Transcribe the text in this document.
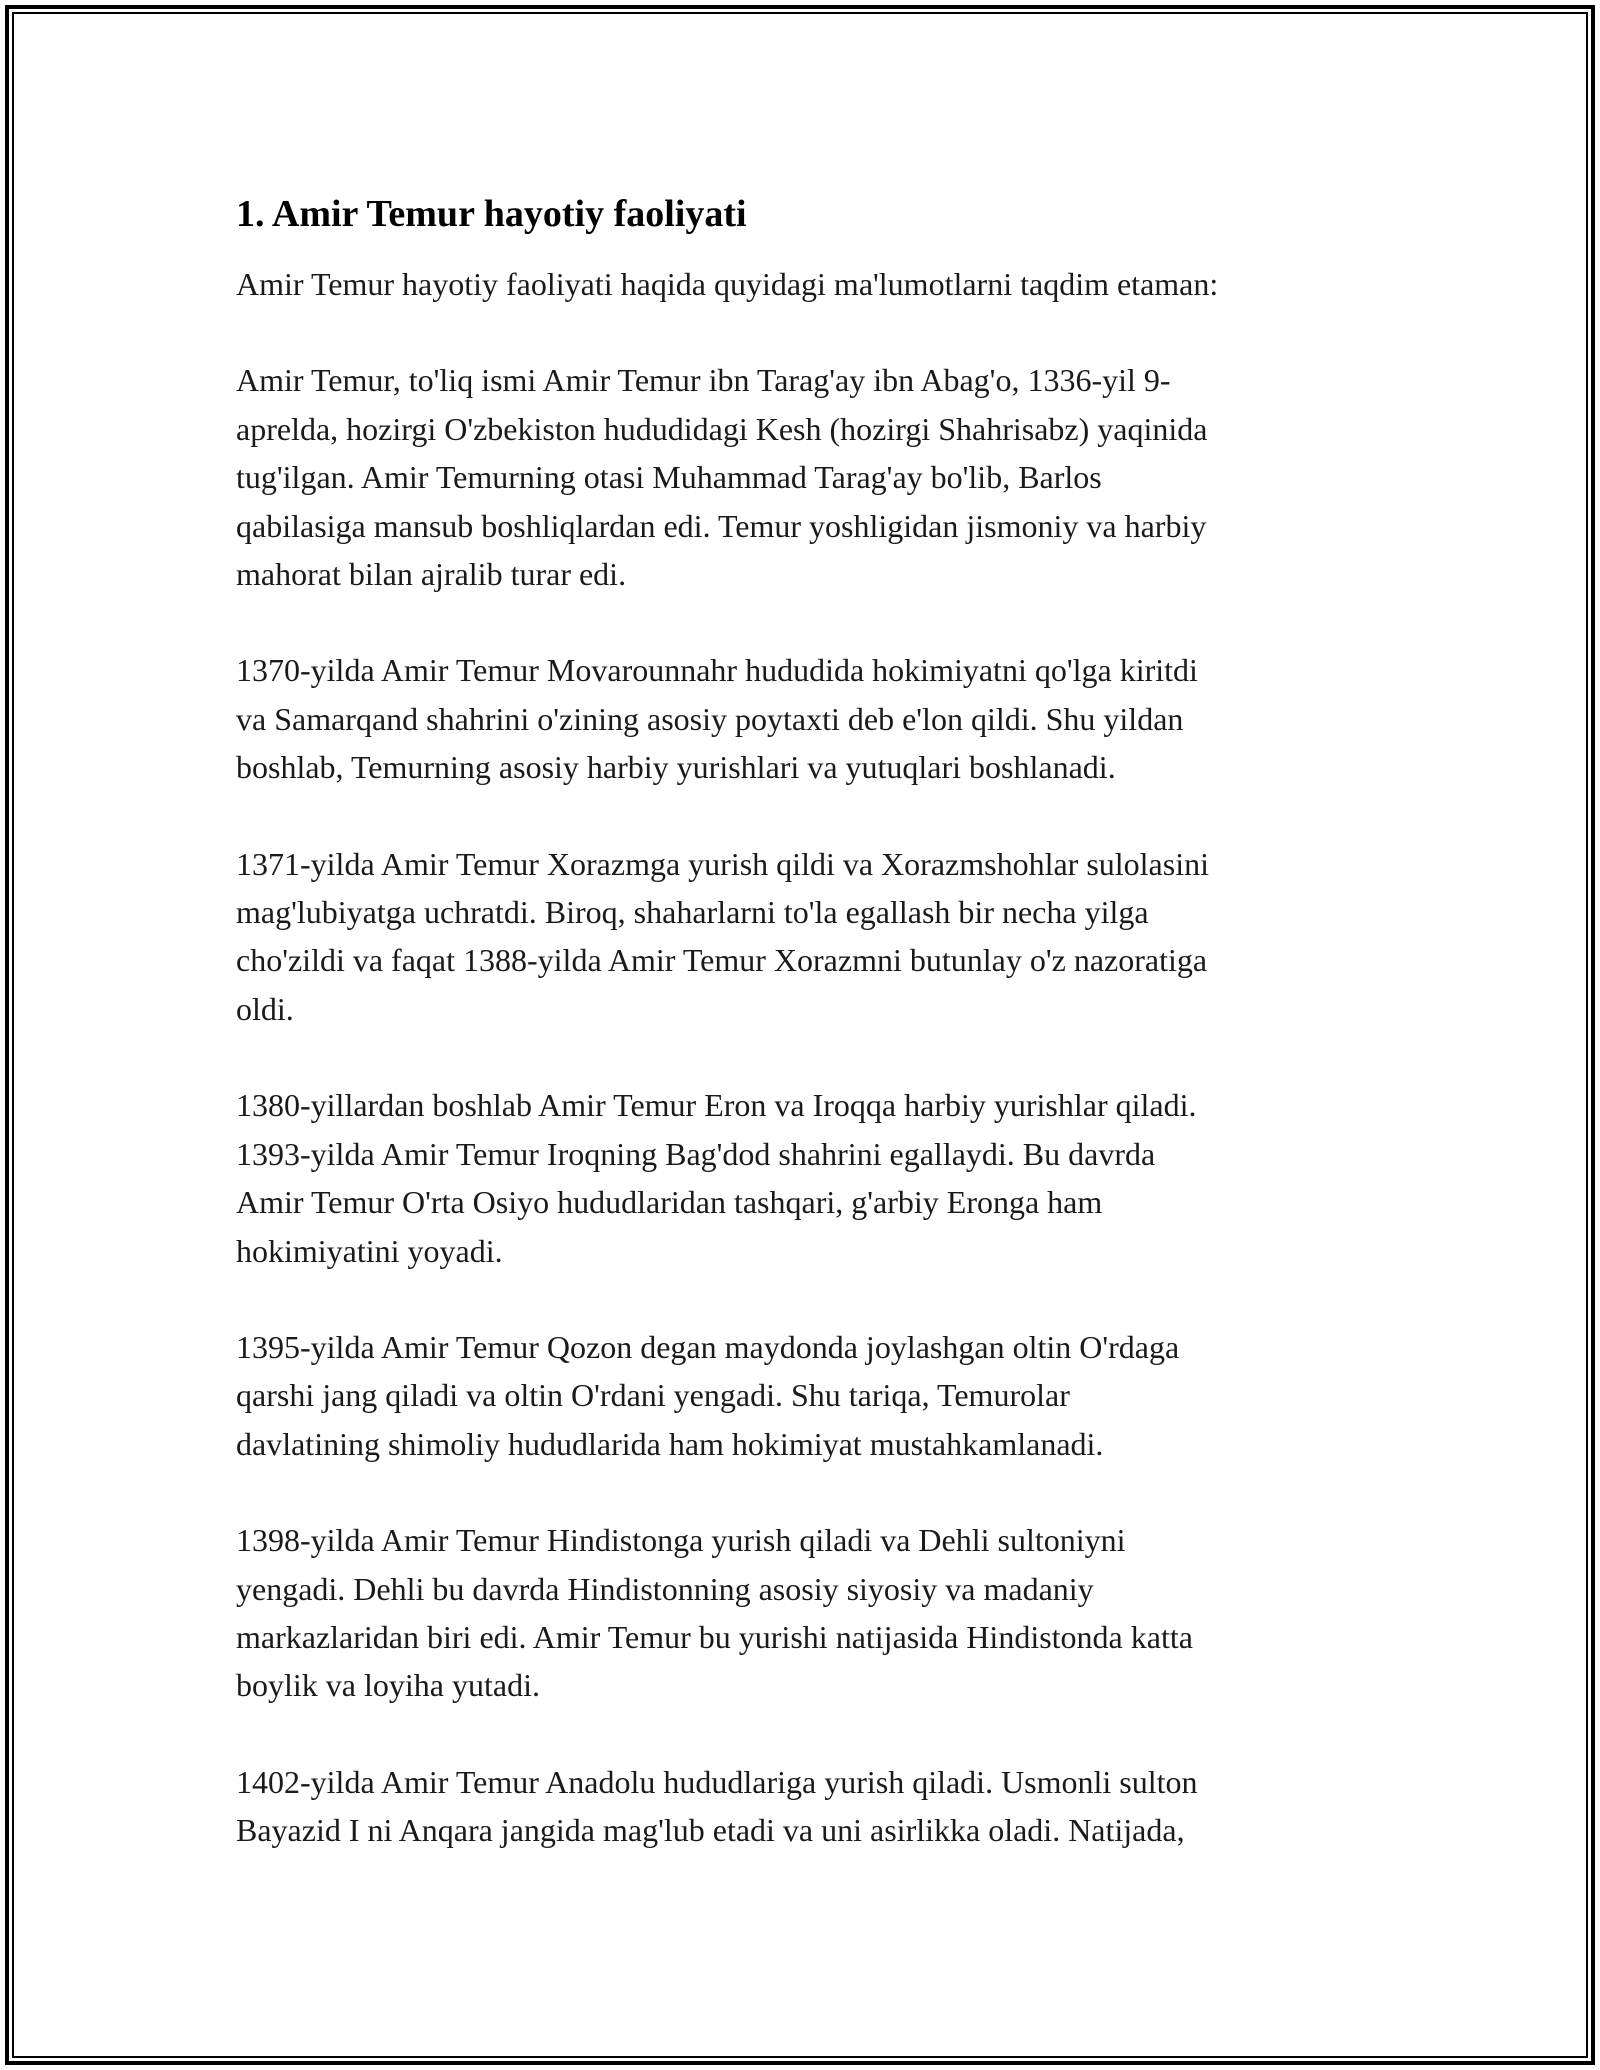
1. Amir Temur hayotiy faoliyati

Amir Temur hayotiy faoliyati haqida quyidagi ma'lumotlarni taqdim etaman:

Amir Temur, to'liq ismi Amir Temur ibn Tarag'ay ibn Abag'o, 1336-yil 9-
aprelda, hozirgi O'zbekiston hududidagi Kesh (hozirgi Shahrisabz) yaqinida
tug'ilgan. Amir Temurning otasi Muhammad Tarag'ay bo'lib, Barlos
qabilasiga mansub boshliqlardan edi. Temur yoshligidan jismoniy va harbiy
mahorat bilan ajralib turar edi.

1370-yilda Amir Temur Movarounnahr hududida hokimiyatni qo'lga kiritdi
va Samarqand shahrini o'zining asosiy poytaxti deb e'lon qildi. Shu yildan
boshlab, Temurning asosiy harbiy yurishlari va yutuqlari boshlanadi.

1371-yilda Amir Temur Xorazmga yurish qildi va Xorazmshohlar sulolasini
mag'lubiyatga uchratdi. Biroq, shaharlarni to'la egallash bir necha yilga
cho'zildi va faqat 1388-yilda Amir Temur Xorazmni butunlay o'z nazoratiga
oldi.

1380-yillardan boshlab Amir Temur Eron va Iroqqa harbiy yurishlar qiladi.
1393-yilda Amir Temur Iroqning Bag'dod shahrini egallaydi. Bu davrda
Amir Temur O'rta Osiyo hududlaridan tashqari, g'arbiy Eronga ham
hokimiyatini yoyadi.

1395-yilda Amir Temur Qozon degan maydonda joylashgan oltin O'rdaga
qarshi jang qiladi va oltin O'rdani yengadi. Shu tariqa, Temurolar
davlatining shimoliy hududlarida ham hokimiyat mustahkamlanadi.

1398-yilda Amir Temur Hindistonga yurish qiladi va Dehli sultoniyni
yengadi. Dehli bu davrda Hindistonning asosiy siyosiy va madaniy
markazlaridan biri edi. Amir Temur bu yurishi natijasida Hindistonda katta
boylik va loyiha yutadi.

1402-yilda Amir Temur Anadolu hududlariga yurish qiladi. Usmonli sulton
Bayazid I ni Anqara jangida mag'lub etadi va uni asirlikka oladi. Natijada,
